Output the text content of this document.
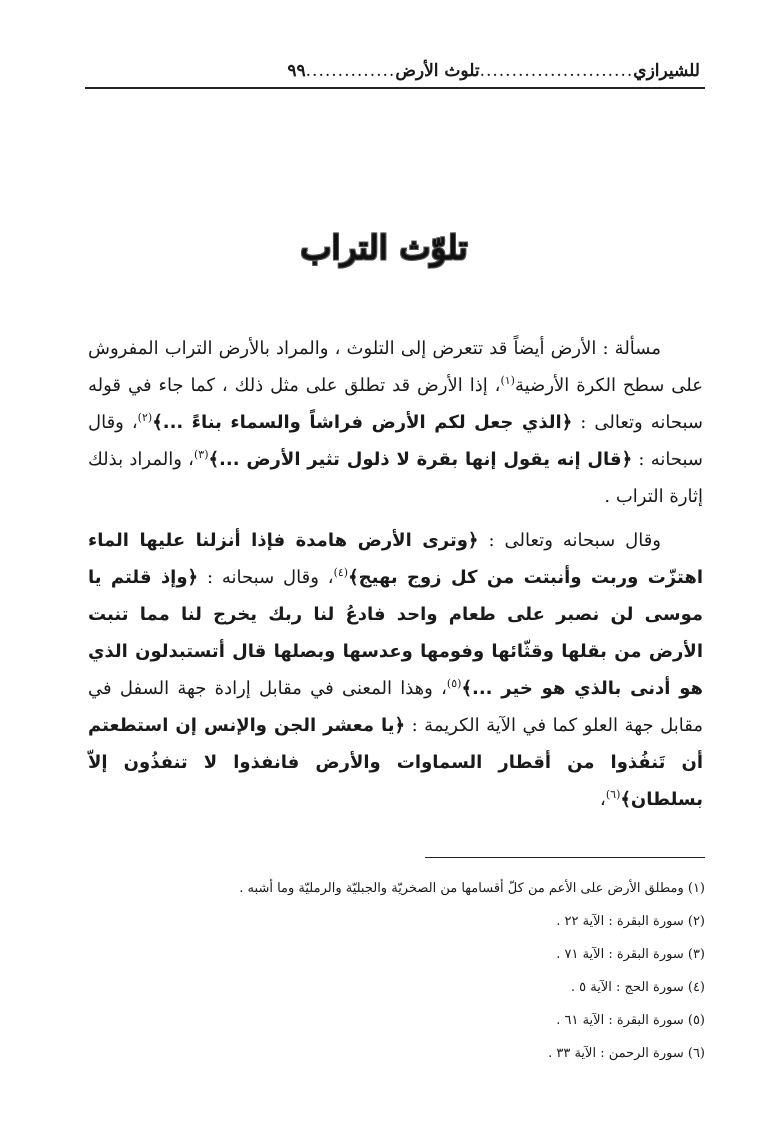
للشيرازي
........................
تلوث الأرض
..............
٩٩
تلوّث التراب

مسألة : الأرض أيضاً قد تتعرض إلى التلوث ، والمراد بالأرض التراب المفروش على سطح الكرة الأرضية$^{(١)}$، إذا الأرض قد تطلق على مثل ذلك ، كما جاء في قوله سبحانه وتعالى : ﴿الذي جعل لكم الأرض فراشاً والسماء بناءً ...﴾$^{(٢)}$، وقال سبحانه : ﴿قال إنه يقول إنها بقرة لا ذلول تثير الأرض ...﴾$^{(٣)}$، والمراد بذلك إثارة التراب .

وقال سبحانه وتعالى : ﴿وترى الأرض هامدة فإذا أنزلنا عليها الماء اهتزّت وربت وأنبتت من كل زوج بهيج﴾$^{(٤)}$، وقال سبحانه : ﴿وإذ قلتم يا موسى لن نصبر على طعام واحد فادعُ لنا ربك يخرج لنا مما تنبت الأرض من بقلها وقثّائها وفومها وعدسها وبصلها قال أتستبدلون الذي هو أدنى بالذي هو خير ...﴾$^{(٥)}$، وهذا المعنى في مقابل إرادة جهة السفل في مقابل جهة العلو كما في الآية الكريمة : ﴿يا معشر الجن والإنس إن استطعتم أن تَنفُذوا من أقطار السماوات والأرض فانفذوا لا تنفذُون إلاّ بسلطان﴾$^{(٦)}$،

(١) ومطلق الأرض على الأعم من كلّ أقسامها من الصخريّة والجبليّة والرمليّة وما أشبه .

(٢) سورة البقرة : الآية ٢٢ .

(٣) سورة البقرة : الآية ٧١ .

(٤) سورة الحج : الآية ٥ .

(٥) سورة البقرة : الآية ٦١ .

(٦) سورة الرحمن : الآية ٣٣ .
